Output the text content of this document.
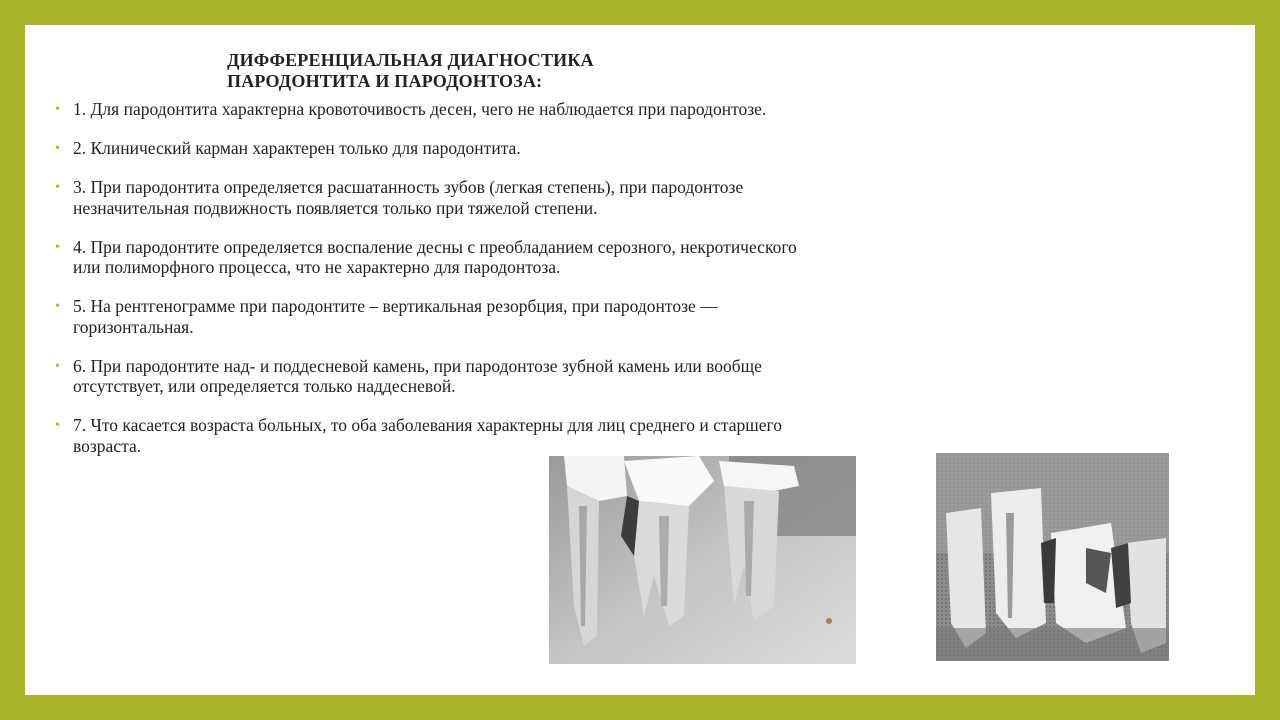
ДИФФЕРЕНЦИАЛЬНАЯ ДИАГНОСТИКА
ПАРОДОНТИТА И ПАРОДОНТОЗА:
• 1. Для пародонтита характерна кровоточивость десен, чего не наблюдается при пародонтозе.
• 2. Клинический карман характерен только для пародонтита.
• 3. При пародонтита определяется расшатанность зубов (легкая степень), при пародонтозе
незначительная подвижность появляется только при тяжелой степени.
• 4. При пародонтите определяется воспаление десны с преобладанием серозного, некротического
или полиморфного процесса, что не характерно для пародонтоза.
• 5. На рентгенограмме при пародонтите – вертикальная резорбция, при пародонтозе —
горизонтальная.
• 6. При пародонтите над- и поддесневой камень, при пародонтозе зубной камень или вообще
отсутствует, или определяется только наддесневой.
• 7. Что касается возраста больных, то оба заболевания характерны для лиц среднего и старшего
возраста.
